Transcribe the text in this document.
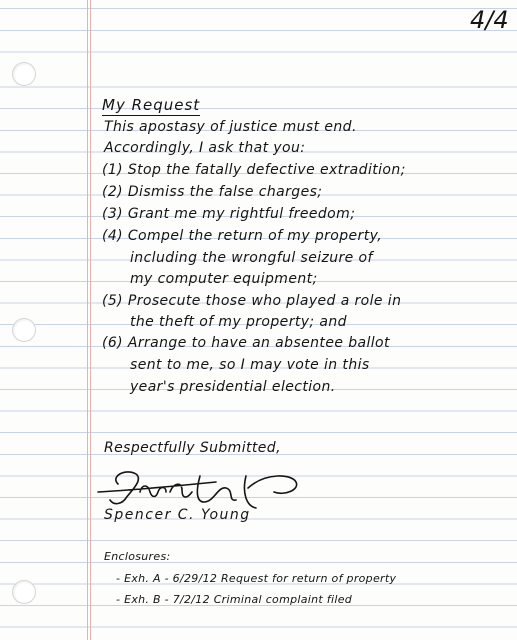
4/4
My Request
This apostasy of justice must end.
Accordingly, I ask that you:
(1) Stop the fatally defective extradition;
(2) Dismiss the false charges;
(3) Grant me my rightful freedom;
(4) Compel the return of my property,
including the wrongful seizure of
my computer equipment;
(5) Prosecute those who played a role in
the theft of my property; and
(6) Arrange to have an absentee ballot
sent to me, so I may vote in this
year's presidential election.
Respectfully Submitted,
Spencer C. Young
Enclosures:
- Exh. A - 6/29/12 Request for return of property
- Exh. B - 7/2/12 Criminal complaint filed
